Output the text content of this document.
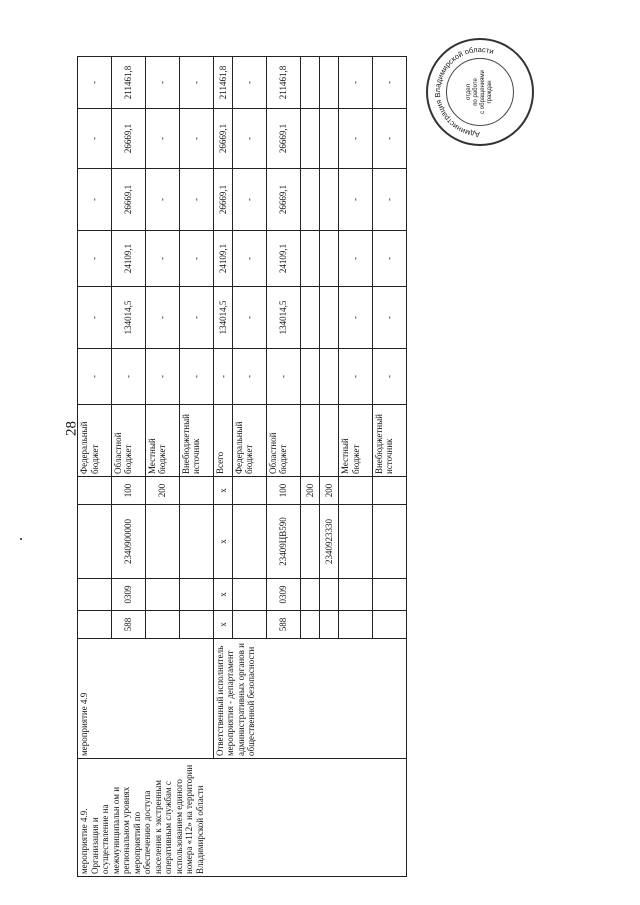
28
мероприятие 4.9. Организация и осуществление на межмуниципальн ом и региональном уровнях мероприятий по обеспечению доступа населения к экстренным оперативным службам с использованием единого номера «112» на территории Владимирской области	мероприятие 4.9					Федеральный бюджет	-	-	-	-	-	-
		588	0309	2340900000	100	Областной бюджет	-	134014,5	24109,1	26669,1	26669,1	211461,8
					200	Местный бюджет	-	-	-	-	-	-
						Внебюджетный источник	-	-	-	-	-	-
	Ответственный исполнитель мероприятия - департамент административных органов и общественной безопасности	х	х	х	х	Всего	-	134014,5	24109,1	26669,1	26669,1	211461,8
						Федеральный бюджет	-	-	-	-	-	-
		588	0309	23409ЦВ590	100	Областной бюджет	-	134014,5	24109,1	26669,1	26669,1	211461,8
					200							
				2340923330	200							
						Местный бюджет	-	-	-	-	-	-
						Внебюджетный источник	-	-	-	-	-	-
Администрация Владимирской области
отдел по работе с обращениями граждан
